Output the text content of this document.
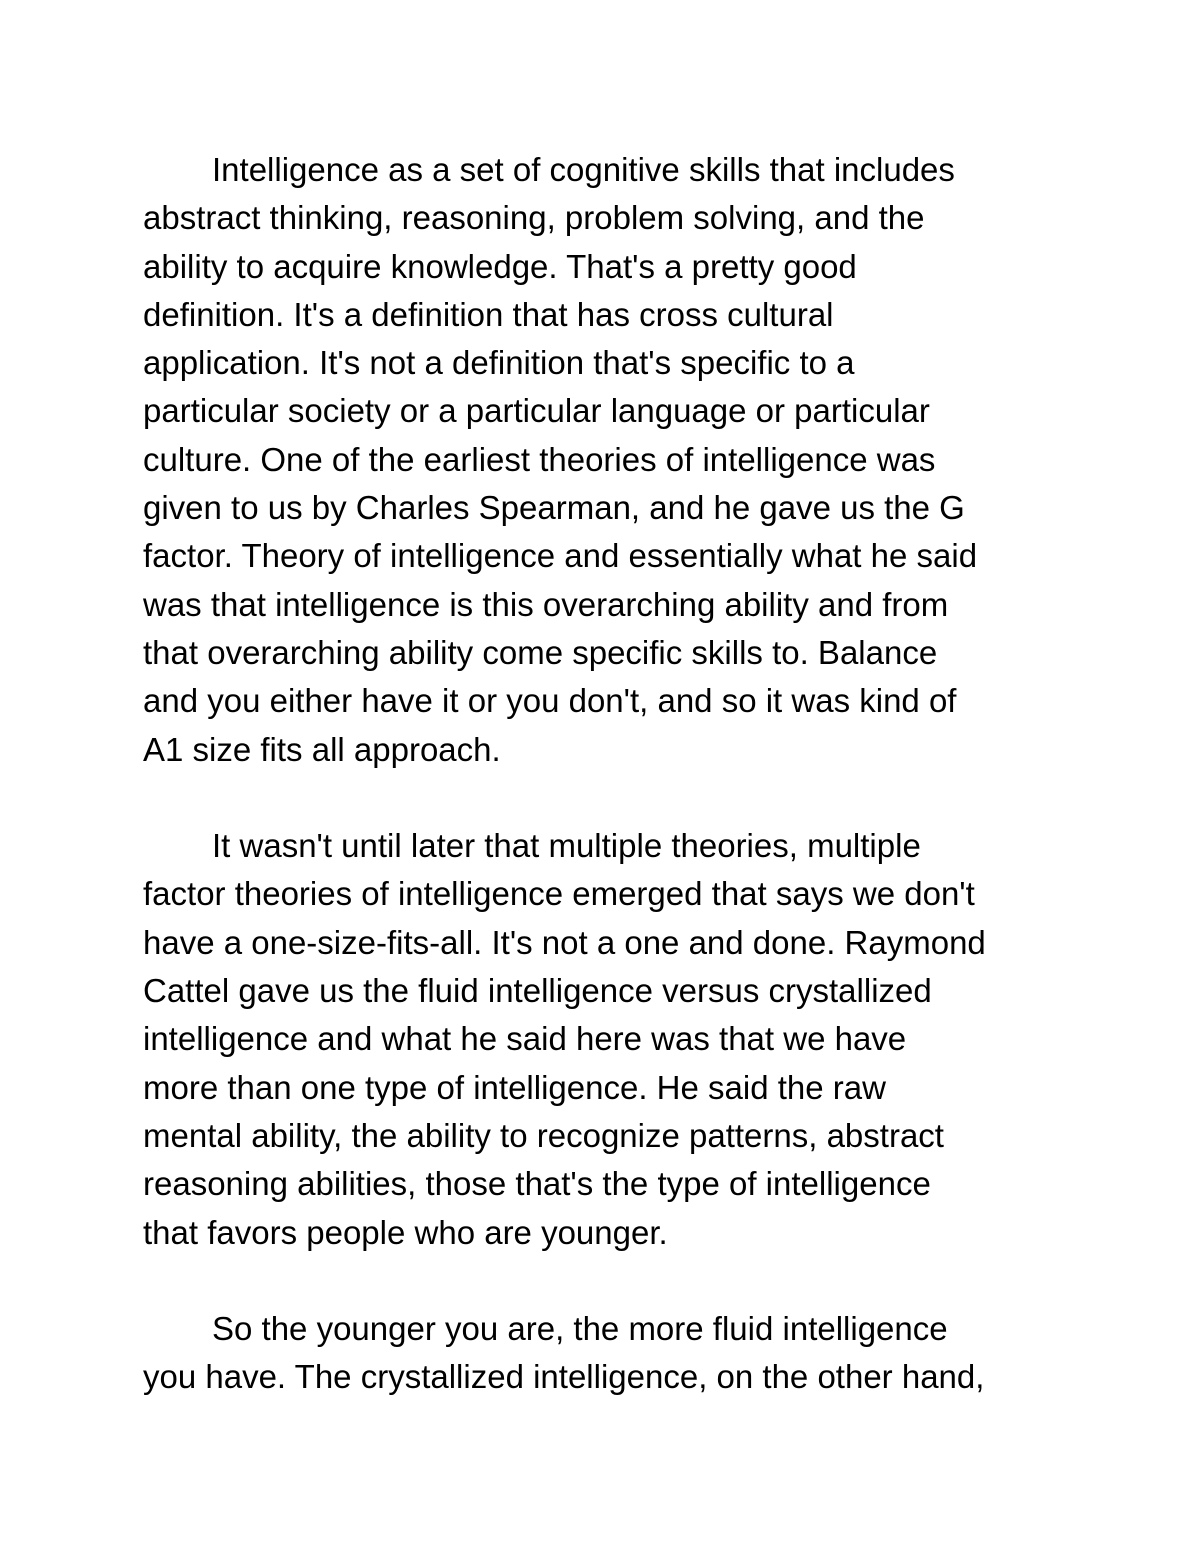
Intelligence as a set of cognitive skills that includes
abstract thinking, reasoning, problem solving, and the
ability to acquire knowledge. That's a pretty good
definition. It's a definition that has cross cultural
application. It's not a definition that's specific to a
particular society or a particular language or particular
culture. One of the earliest theories of intelligence was
given to us by Charles Spearman, and he gave us the G
factor. Theory of intelligence and essentially what he said
was that intelligence is this overarching ability and from
that overarching ability come specific skills to. Balance
and you either have it or you don't, and so it was kind of
A1 size fits all approach.

It wasn't until later that multiple theories, multiple
factor theories of intelligence emerged that says we don't
have a one-size-fits-all. It's not a one and done. Raymond
Cattel gave us the fluid intelligence versus crystallized
intelligence and what he said here was that we have
more than one type of intelligence. He said the raw
mental ability, the ability to recognize patterns, abstract
reasoning abilities, those that's the type of intelligence
that favors people who are younger.

So the younger you are, the more fluid intelligence
you have. The crystallized intelligence, on the other hand,
